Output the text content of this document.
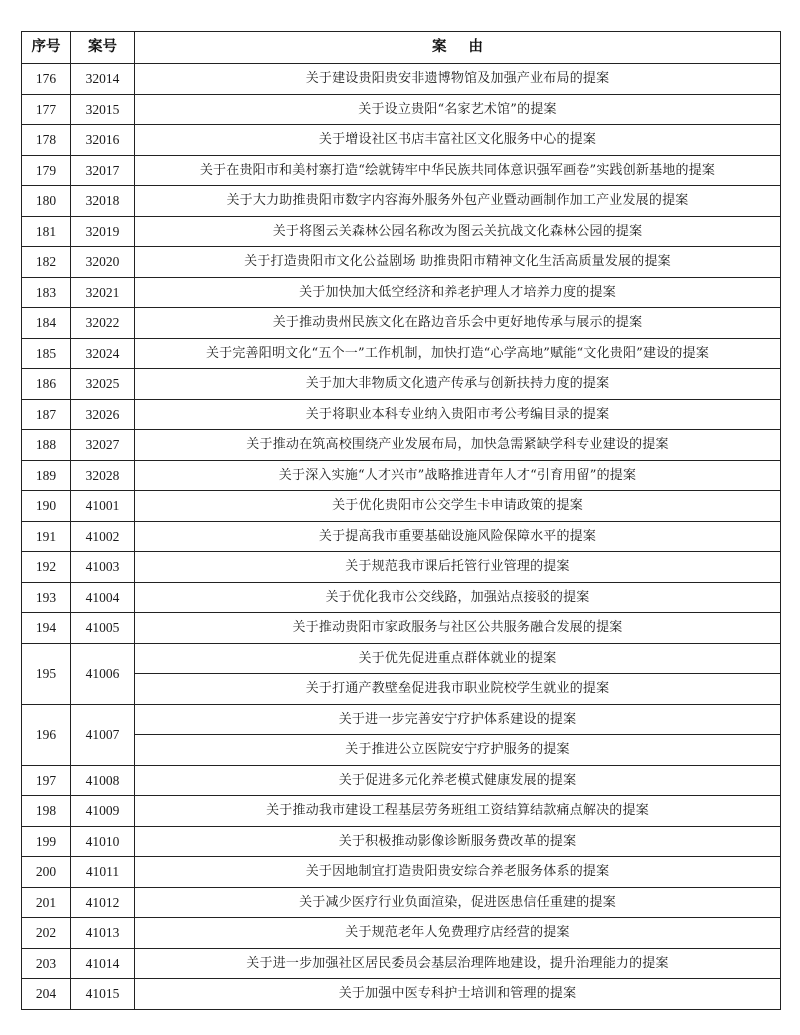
序号	案号	案由
176	32014	关于建设贵阳贵安非遗博物馆及加强产业布局的提案
177	32015	关于设立贵阳“名家艺术馆”的提案
178	32016	关于增设社区书店丰富社区文化服务中心的提案
179	32017	关于在贵阳市和美村寨打造“绘就铸牢中华民族共同体意识强军画卷”实践创新基地的提案
180	32018	关于大力助推贵阳市数字内容海外服务外包产业暨动画制作加工产业发展的提案
181	32019	关于将图云关森林公园名称改为图云关抗战文化森林公园的提案
182	32020	关于打造贵阳市文化公益剧场 助推贵阳市精神文化生活高质量发展的提案
183	32021	关于加快加大低空经济和养老护理人才培养力度的提案
184	32022	关于推动贵州民族文化在路边音乐会中更好地传承与展示的提案
185	32024	关于完善阳明文化“五个一”工作机制，加快打造“心学高地”赋能“文化贵阳”建设的提案
186	32025	关于加大非物质文化遗产传承与创新扶持力度的提案
187	32026	关于将职业本科专业纳入贵阳市考公考编目录的提案
188	32027	关于推动在筑高校围绕产业发展布局，加快急需紧缺学科专业建设的提案
189	32028	关于深入实施“人才兴市”战略推进青年人才“引育用留”的提案
190	41001	关于优化贵阳市公交学生卡申请政策的提案
191	41002	关于提高我市重要基础设施风险保障水平的提案
192	41003	关于规范我市课后托管行业管理的提案
193	41004	关于优化我市公交线路，加强站点接驳的提案
194	41005	关于推动贵阳市家政服务与社区公共服务融合发展的提案
195	41006	关于优先促进重点群体就业的提案
		关于打通产教壁垒促进我市职业院校学生就业的提案
196	41007	关于进一步完善安宁疗护体系建设的提案
		关于推进公立医院安宁疗护服务的提案
197	41008	关于促进多元化养老模式健康发展的提案
198	41009	关于推动我市建设工程基层劳务班组工资结算结款痛点解决的提案
199	41010	关于积极推动影像诊断服务费改革的提案
200	41011	关于因地制宜打造贵阳贵安综合养老服务体系的提案
201	41012	关于减少医疗行业负面渲染，促进医患信任重建的提案
202	41013	关于规范老年人免费理疗店经营的提案
203	41014	关于进一步加强社区居民委员会基层治理阵地建设，提升治理能力的提案
204	41015	关于加强中医专科护士培训和管理的提案
